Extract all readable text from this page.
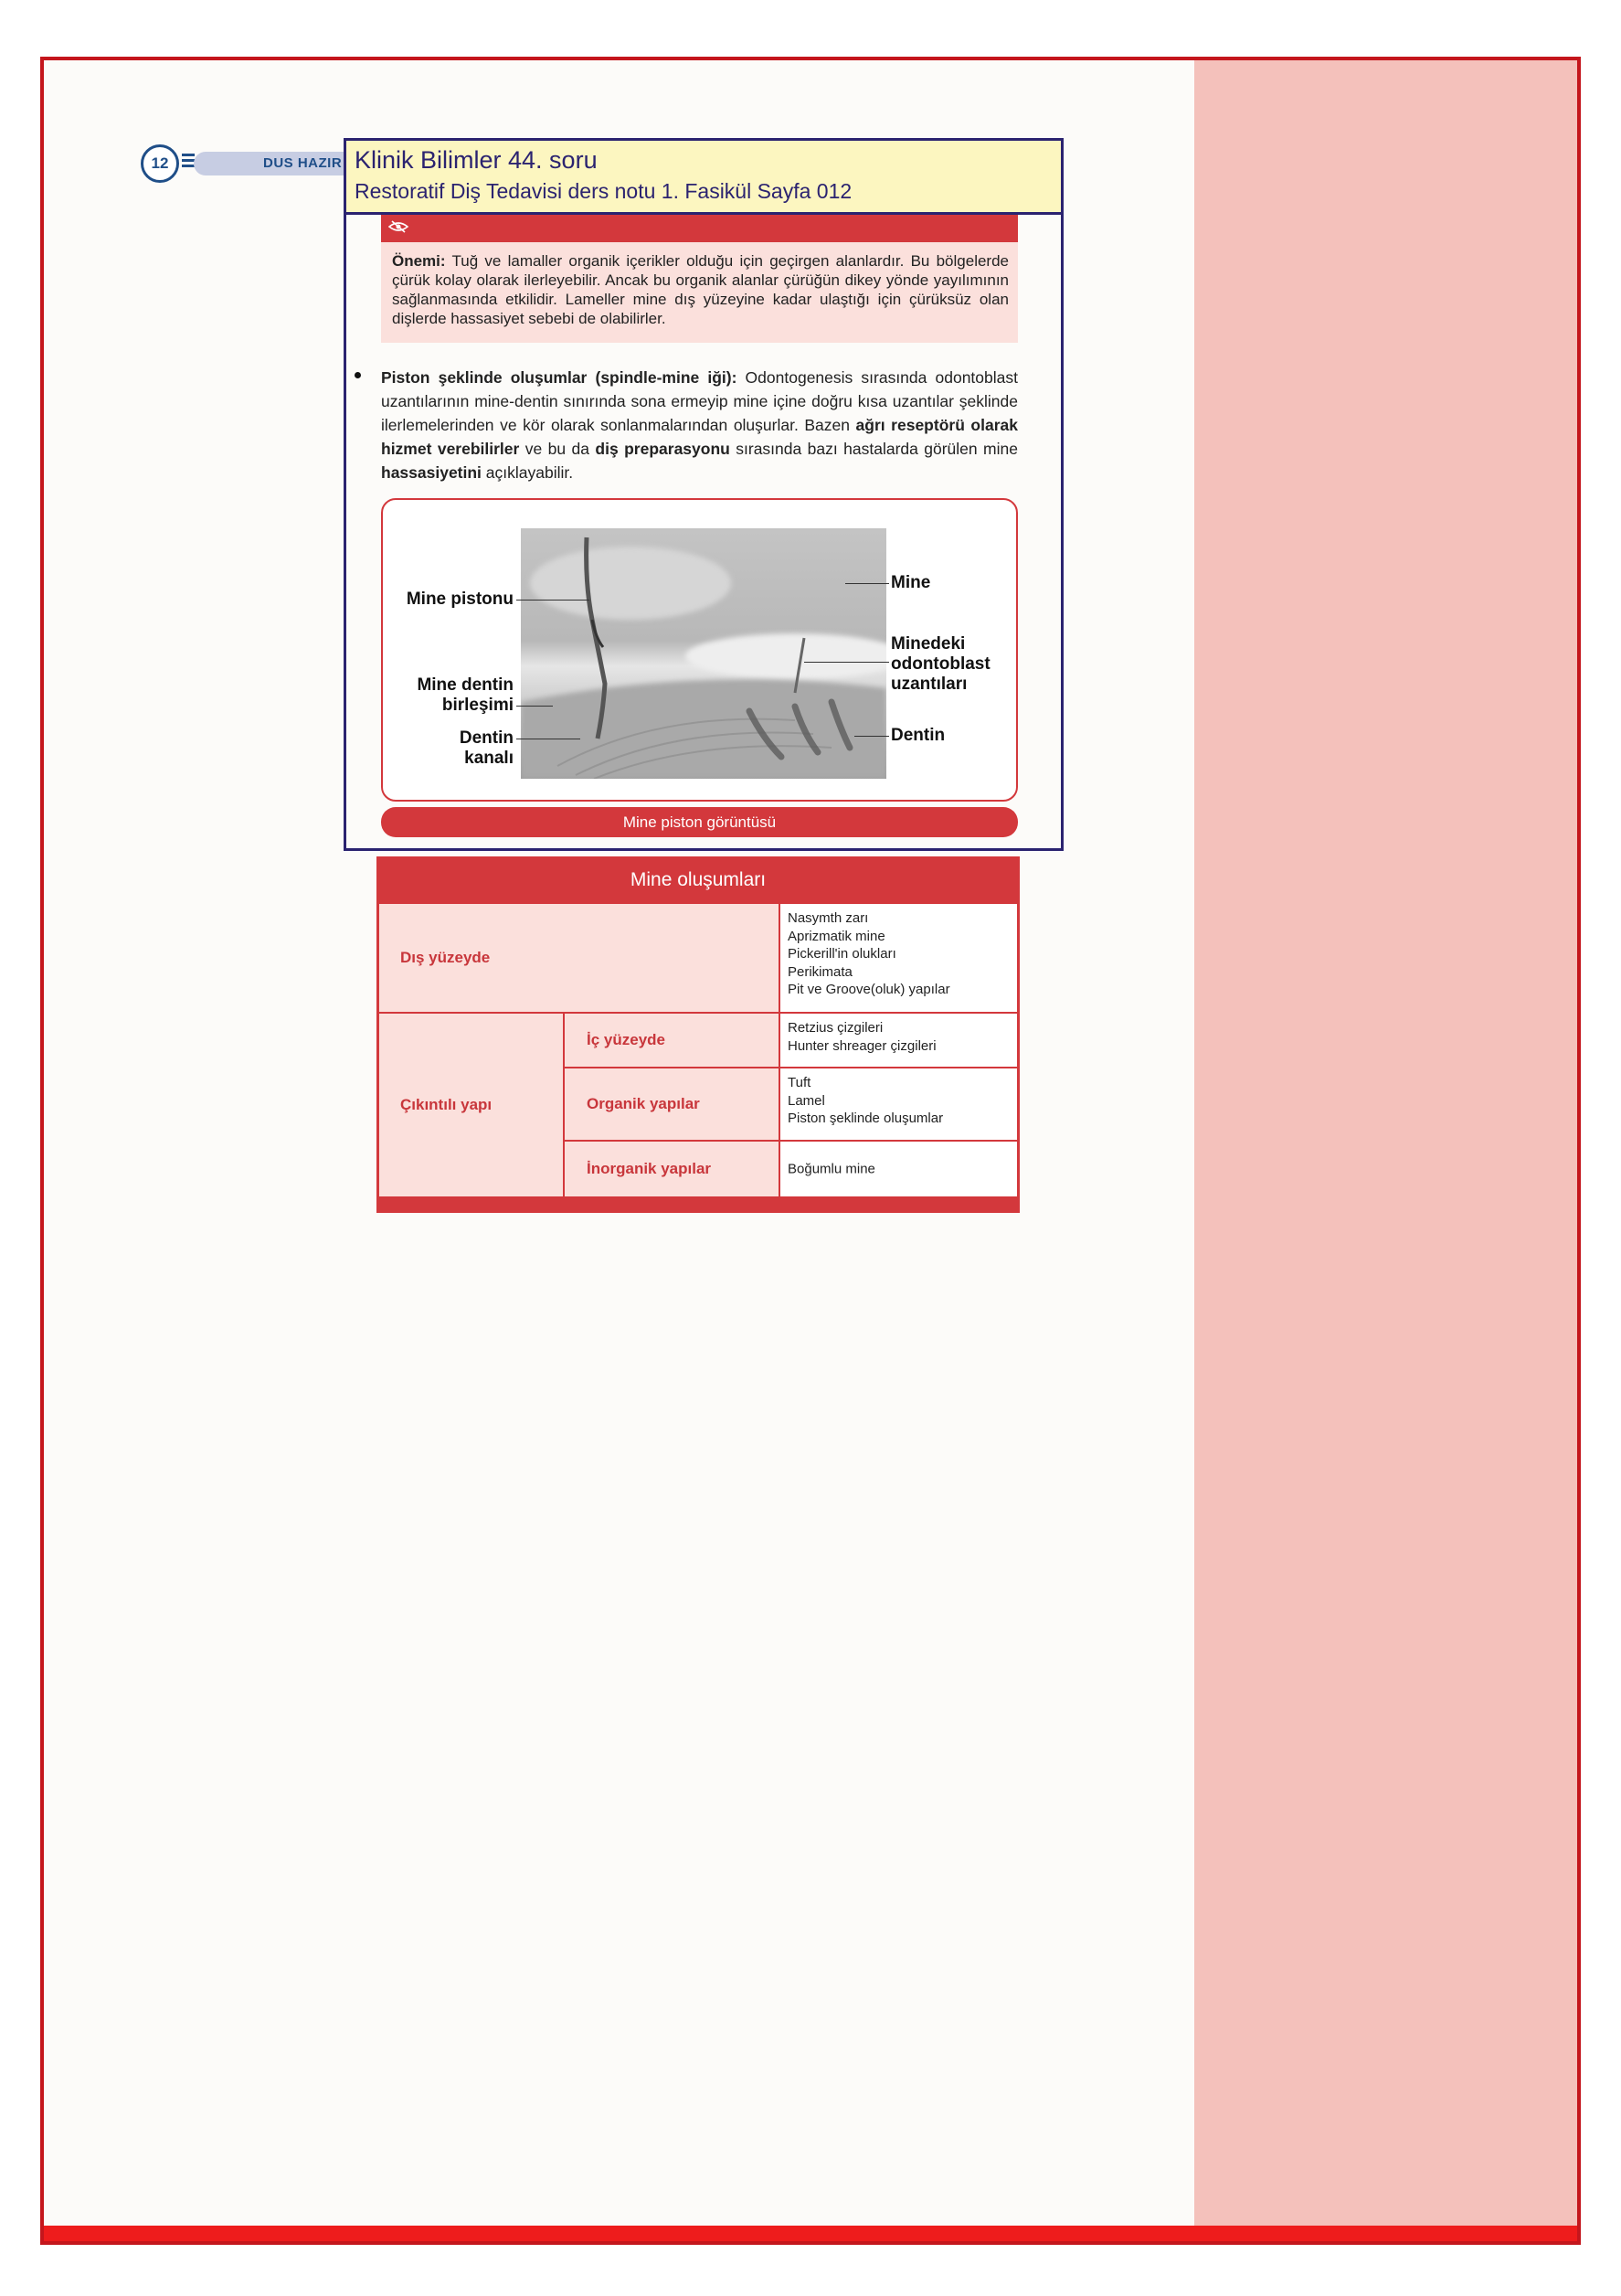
12	DUS HAZIR
Önemi: Tuğ ve lamaller organik içerikler olduğu için geçirgen alanlardır. Bu bölgelerde çürük kolay olarak ilerleyebilir. Ancak bu organik alanlar çürüğün dikey yönde yayılımının sağlanmasında etkilidir. Lameller mine dış yüzeyine kadar ulaştığı için çürüksüz olan dişlerde hassasiyet sebebi de olabilirler.
Piston şeklinde oluşumlar (spindle-mine iği): Odontogenesis sırasında odontoblast uzantılarının mine-dentin sınırında sona ermeyip mine içine doğru kısa uzantılar şeklinde ilerlemelerinden ve kör olarak sonlanmalarından oluşurlar. Bazen ağrı reseptörü olarak hizmet verebilirler ve bu da diş preparasyonu sırasında bazı hastalarda görülen mine hassasiyetini açıklayabilir.
Mine pistonu
Mine dentin
birleşimi
Dentin
kanalı
Mine
Minedeki
odontoblast
uzantıları
Dentin
Mine piston görüntüsü
Mine oluşumları
Dış yüzeyde
Nasymth zarı
Aprizmatik mine
Pickerill'in olukları
Perikimata
Pit ve Groove(oluk) yapılar
Çıkıntılı yapı
İç yüzeyde
Retzius çizgileri
Hunter shreager çizgileri
Organik yapılar
Tuft
Lamel
Piston şeklinde oluşumlar
İnorganik yapılar	Boğumlu mine
Klinik Bilimler 44. soru
Restoratif Diş Tedavisi ders notu 1. Fasikül Sayfa 012
